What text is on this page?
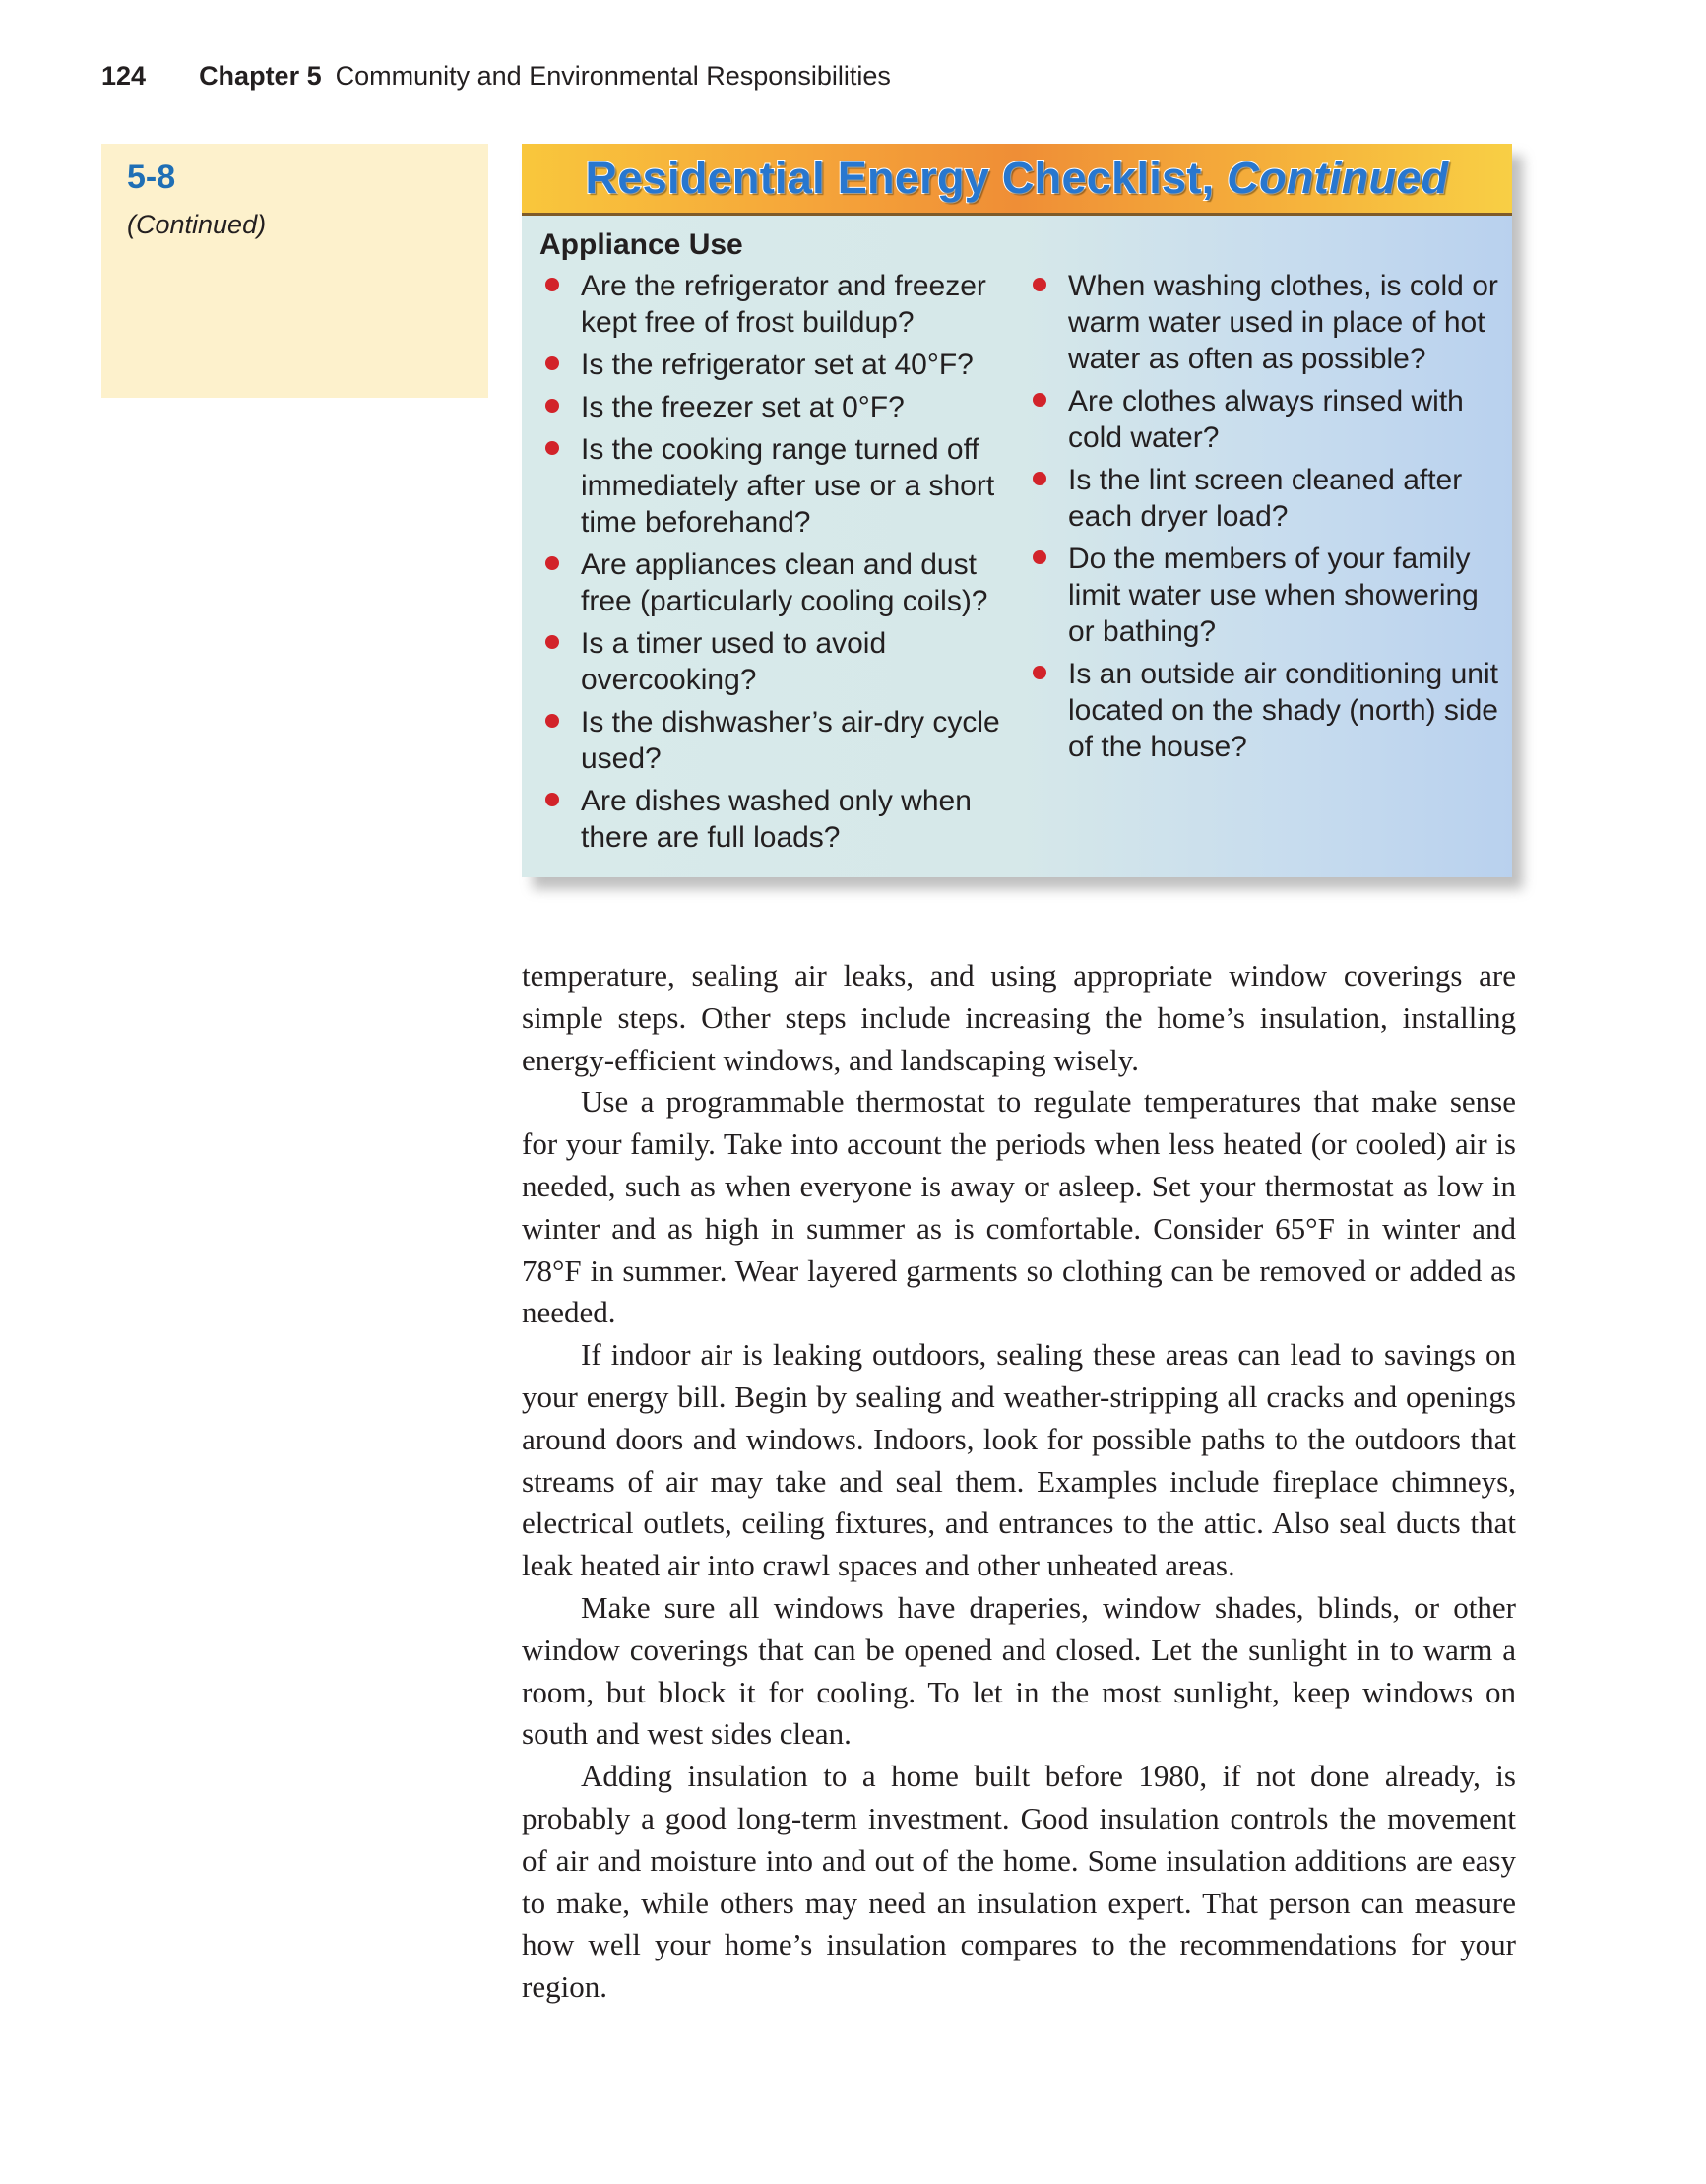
124 Chapter 5 Community and Environmental Responsibilities
5-8
(Continued)
Residential Energy Checklist, Continued
Appliance Use
Are the refrigerator and freezer kept free of frost buildup?
Is the refrigerator set at 40°F?
Is the freezer set at 0°F?
Is the cooking range turned off immediately after use or a short time beforehand?
Are appliances clean and dust free (particularly cooling coils)?
Is a timer used to avoid overcooking?
Is the dishwasher’s air-dry cycle used?
Are dishes washed only when there are full loads?
When washing clothes, is cold or warm water used in place of hot water as often as possible?
Are clothes always rinsed with cold water?
Is the lint screen cleaned after each dryer load?
Do the members of your family limit water use when showering or bathing?
Is an outside air conditioning unit located on the shady (north) side of the house?

temperature, sealing air leaks, and using appropriate window coverings are simple steps. Other steps include increasing the home’s insulation, installing energy-efficient windows, and landscaping wisely.

Use a programmable thermostat to regulate temperatures that make sense for your family. Take into account the periods when less heated (or cooled) air is needed, such as when everyone is away or asleep. Set your thermostat as low in winter and as high in summer as is comfortable. Consider 65°F in winter and 78°F in summer. Wear layered garments so clothing can be removed or added as needed.

If indoor air is leaking outdoors, sealing these areas can lead to savings on your energy bill. Begin by sealing and weather-stripping all cracks and openings around doors and windows. Indoors, look for possible paths to the outdoors that streams of air may take and seal them. Examples include fireplace chimneys, electrical outlets, ceiling fixtures, and entrances to the attic. Also seal ducts that leak heated air into crawl spaces and other unheated areas.

Make sure all windows have draperies, window shades, blinds, or other window coverings that can be opened and closed. Let the sunlight in to warm a room, but block it for cooling. To let in the most sunlight, keep windows on south and west sides clean.

Adding insulation to a home built before 1980, if not done already, is probably a good long-term investment. Good insulation controls the movement of air and moisture into and out of the home. Some insulation additions are easy to make, while others may need an insulation expert. That person can measure how well your home’s insulation compares to the recommendations for your region.
